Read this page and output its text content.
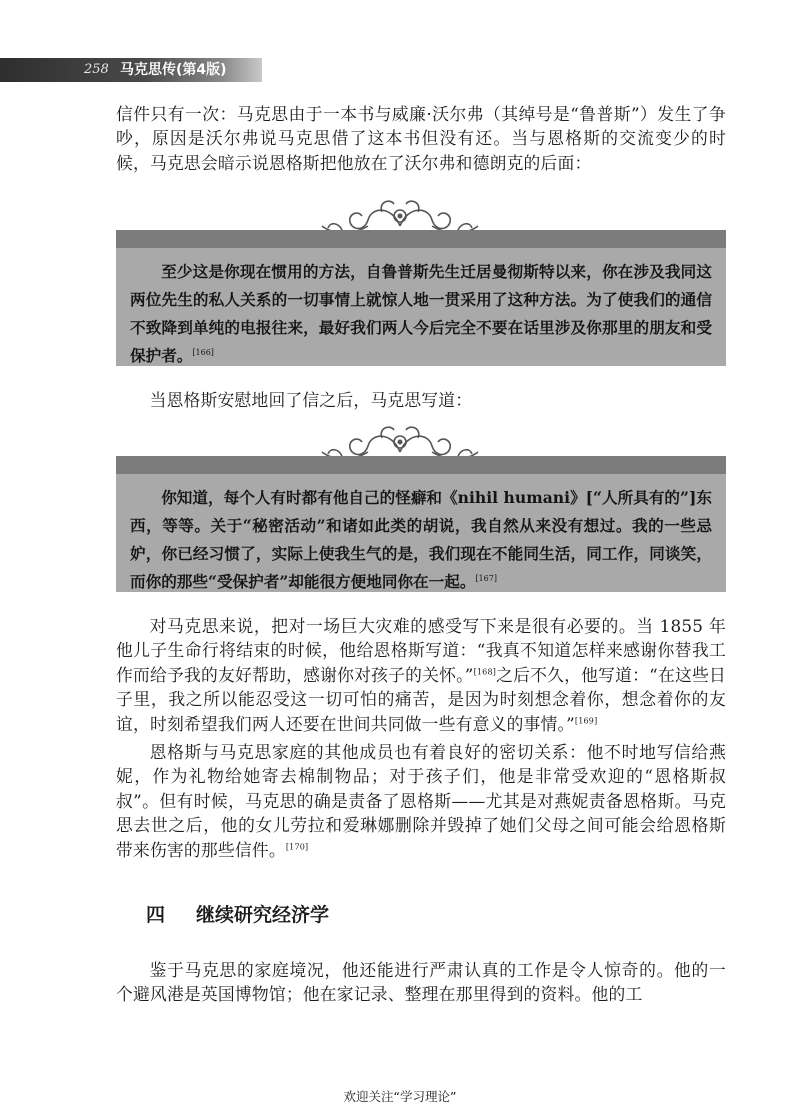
258 马克思传(第4版)

信件只有一次：马克思由于一本书与威廉·沃尔弗（其绰号是“鲁普斯”）发生了争吵，原因是沃尔弗说马克思借了这本书但没有还。当与恩格斯的交流变少的时候，马克思会暗示说恩格斯把他放在了沃尔弗和德朗克的后面：

至少这是你现在惯用的方法，自鲁普斯先生迁居曼彻斯特以来，你在涉及我同这两位先生的私人关系的一切事情上就惊人地一贯采用了这种方法。为了使我们的通信不致降到单纯的电报往来，最好我们两人今后完全不要在话里涉及你那里的朋友和受保护者。[166]

当恩格斯安慰地回了信之后，马克思写道：

你知道，每个人有时都有他自己的怪癖和《nihil humani》[“人所具有的”]东西，等等。关于“秘密活动”和诸如此类的胡说，我自然从来没有想过。我的一些忌妒，你已经习惯了，实际上使我生气的是，我们现在不能同生活，同工作，同谈笑，而你的那些“受保护者”却能很方便地同你在一起。[167]

对马克思来说，把对一场巨大灾难的感受写下来是很有必要的。当 1855 年他儿子生命行将结束的时候，他给恩格斯写道：“我真不知道怎样来感谢你替我工作而给予我的友好帮助，感谢你对孩子的关怀。”[168]之后不久，他写道：“在这些日子里，我之所以能忍受这一切可怕的痛苦，是因为时刻想念着你，想念着你的友谊，时刻希望我们两人还要在世间共同做一些有意义的事情。”[169]

恩格斯与马克思家庭的其他成员也有着良好的密切关系：他不时地写信给燕妮，作为礼物给她寄去棉制物品；对于孩子们，他是非常受欢迎的“恩格斯叔叔”。但有时候，马克思的确是责备了恩格斯——尤其是对燕妮责备恩格斯。马克思去世之后，他的女儿劳拉和爱琳娜删除并毁掉了她们父母之间可能会给恩格斯带来伤害的那些信件。[170]

四 继续研究经济学

鉴于马克思的家庭境况，他还能进行严肃认真的工作是令人惊奇的。他的一个避风港是英国博物馆；他在家记录、整理在那里得到的资料。他的工

欢迎关注“学习理论”
